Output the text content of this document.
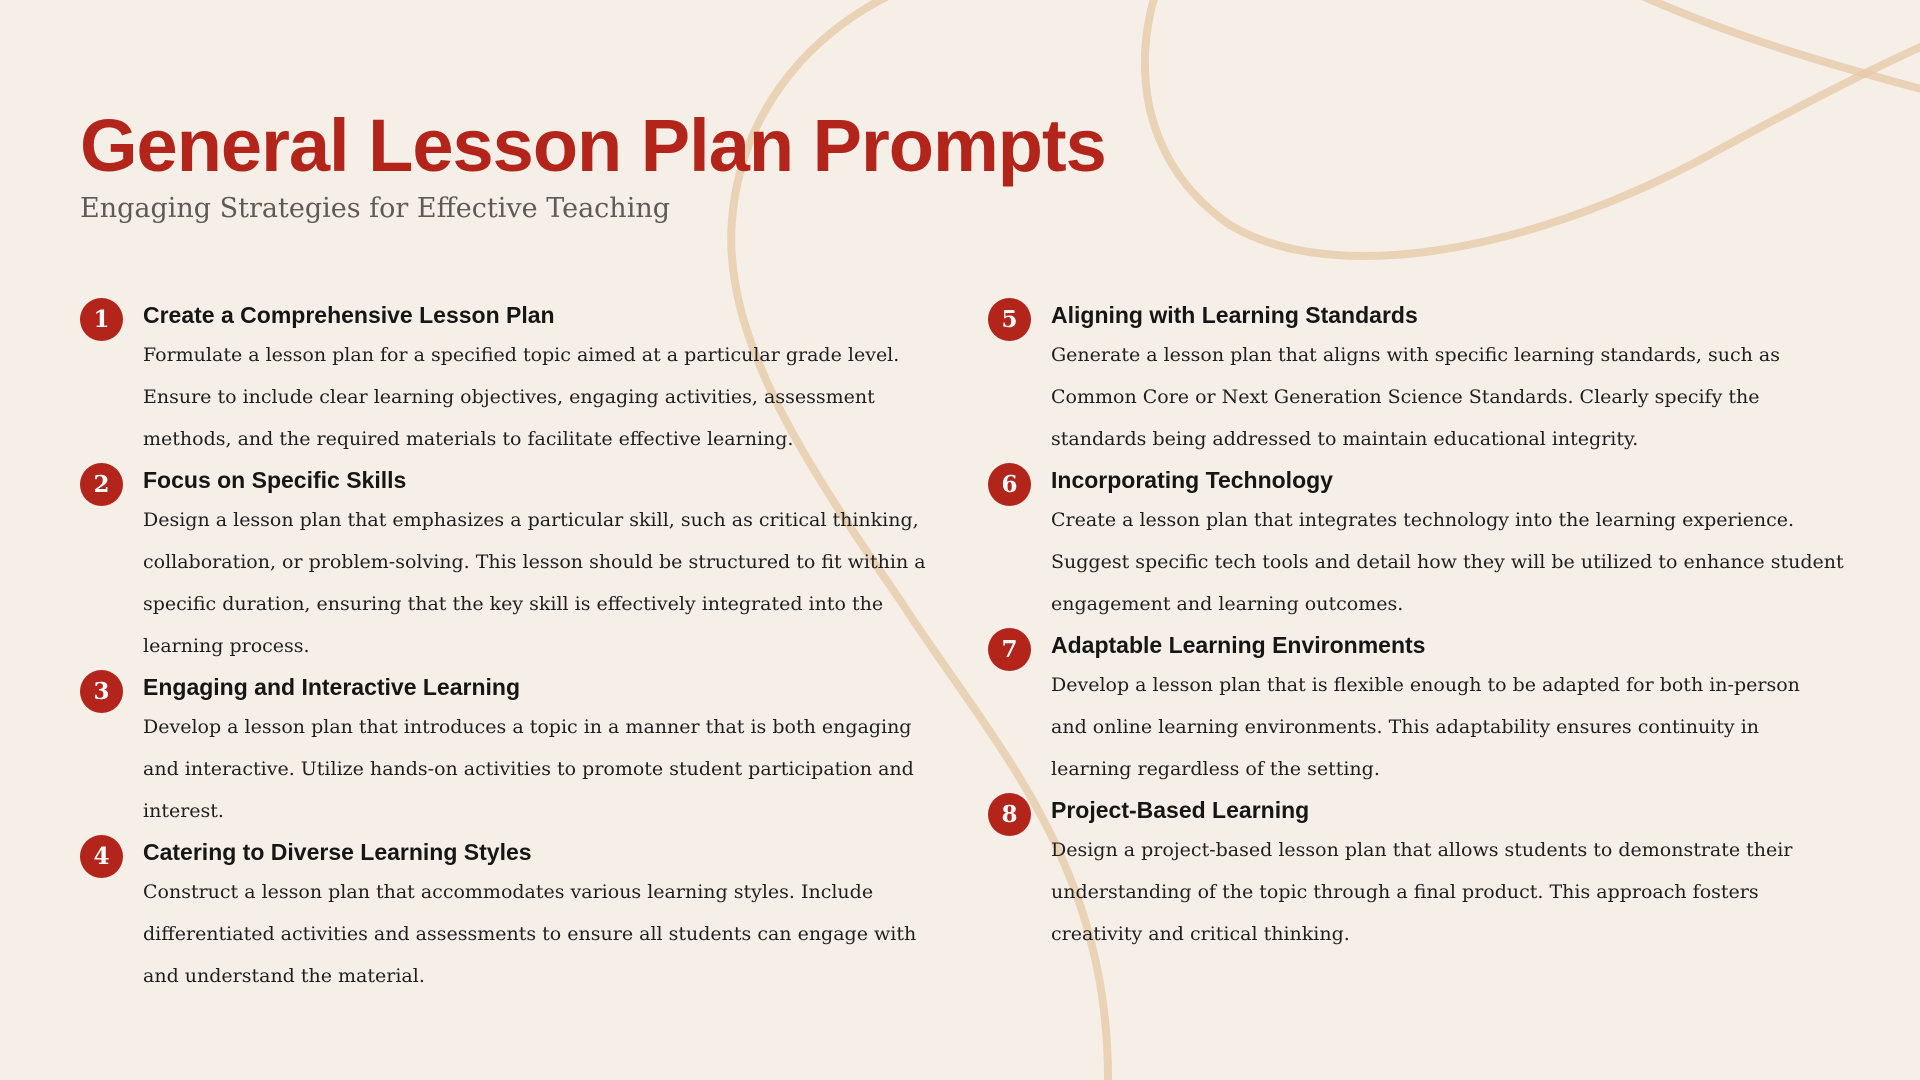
General Lesson Plan Prompts

Engaging Strategies for Effective Teaching

1	Create a Comprehensive Lesson Plan

Formulate a lesson plan for a specified topic aimed at a particular grade level. Ensure to include clear learning objectives, engaging activities, assessment methods, and the required materials to facilitate effective learning.

2	Focus on Specific Skills

Design a lesson plan that emphasizes a particular skill, such as critical thinking, collaboration, or problem-solving. This lesson should be structured to fit within a specific duration, ensuring that the key skill is effectively integrated into the learning process.

3	Engaging and Interactive Learning

Develop a lesson plan that introduces a topic in a manner that is both engaging and interactive. Utilize hands-on activities to promote student participation and interest.

4	Catering to Diverse Learning Styles

Construct a lesson plan that accommodates various learning styles. Include differentiated activities and assessments to ensure all students can engage with and understand the material.

5	Aligning with Learning Standards

Generate a lesson plan that aligns with specific learning standards, such as Common Core or Next Generation Science Standards. Clearly specify the standards being addressed to maintain educational integrity.

6	Incorporating Technology

Create a lesson plan that integrates technology into the learning experience. Suggest specific tech tools and detail how they will be utilized to enhance student engagement and learning outcomes.

7	Adaptable Learning Environments

Develop a lesson plan that is flexible enough to be adapted for both in-person and online learning environments. This adaptability ensures continuity in learning regardless of the setting.

8	Project-Based Learning

Design a project-based lesson plan that allows students to demonstrate their understanding of the topic through a final product. This approach fosters creativity and critical thinking.
